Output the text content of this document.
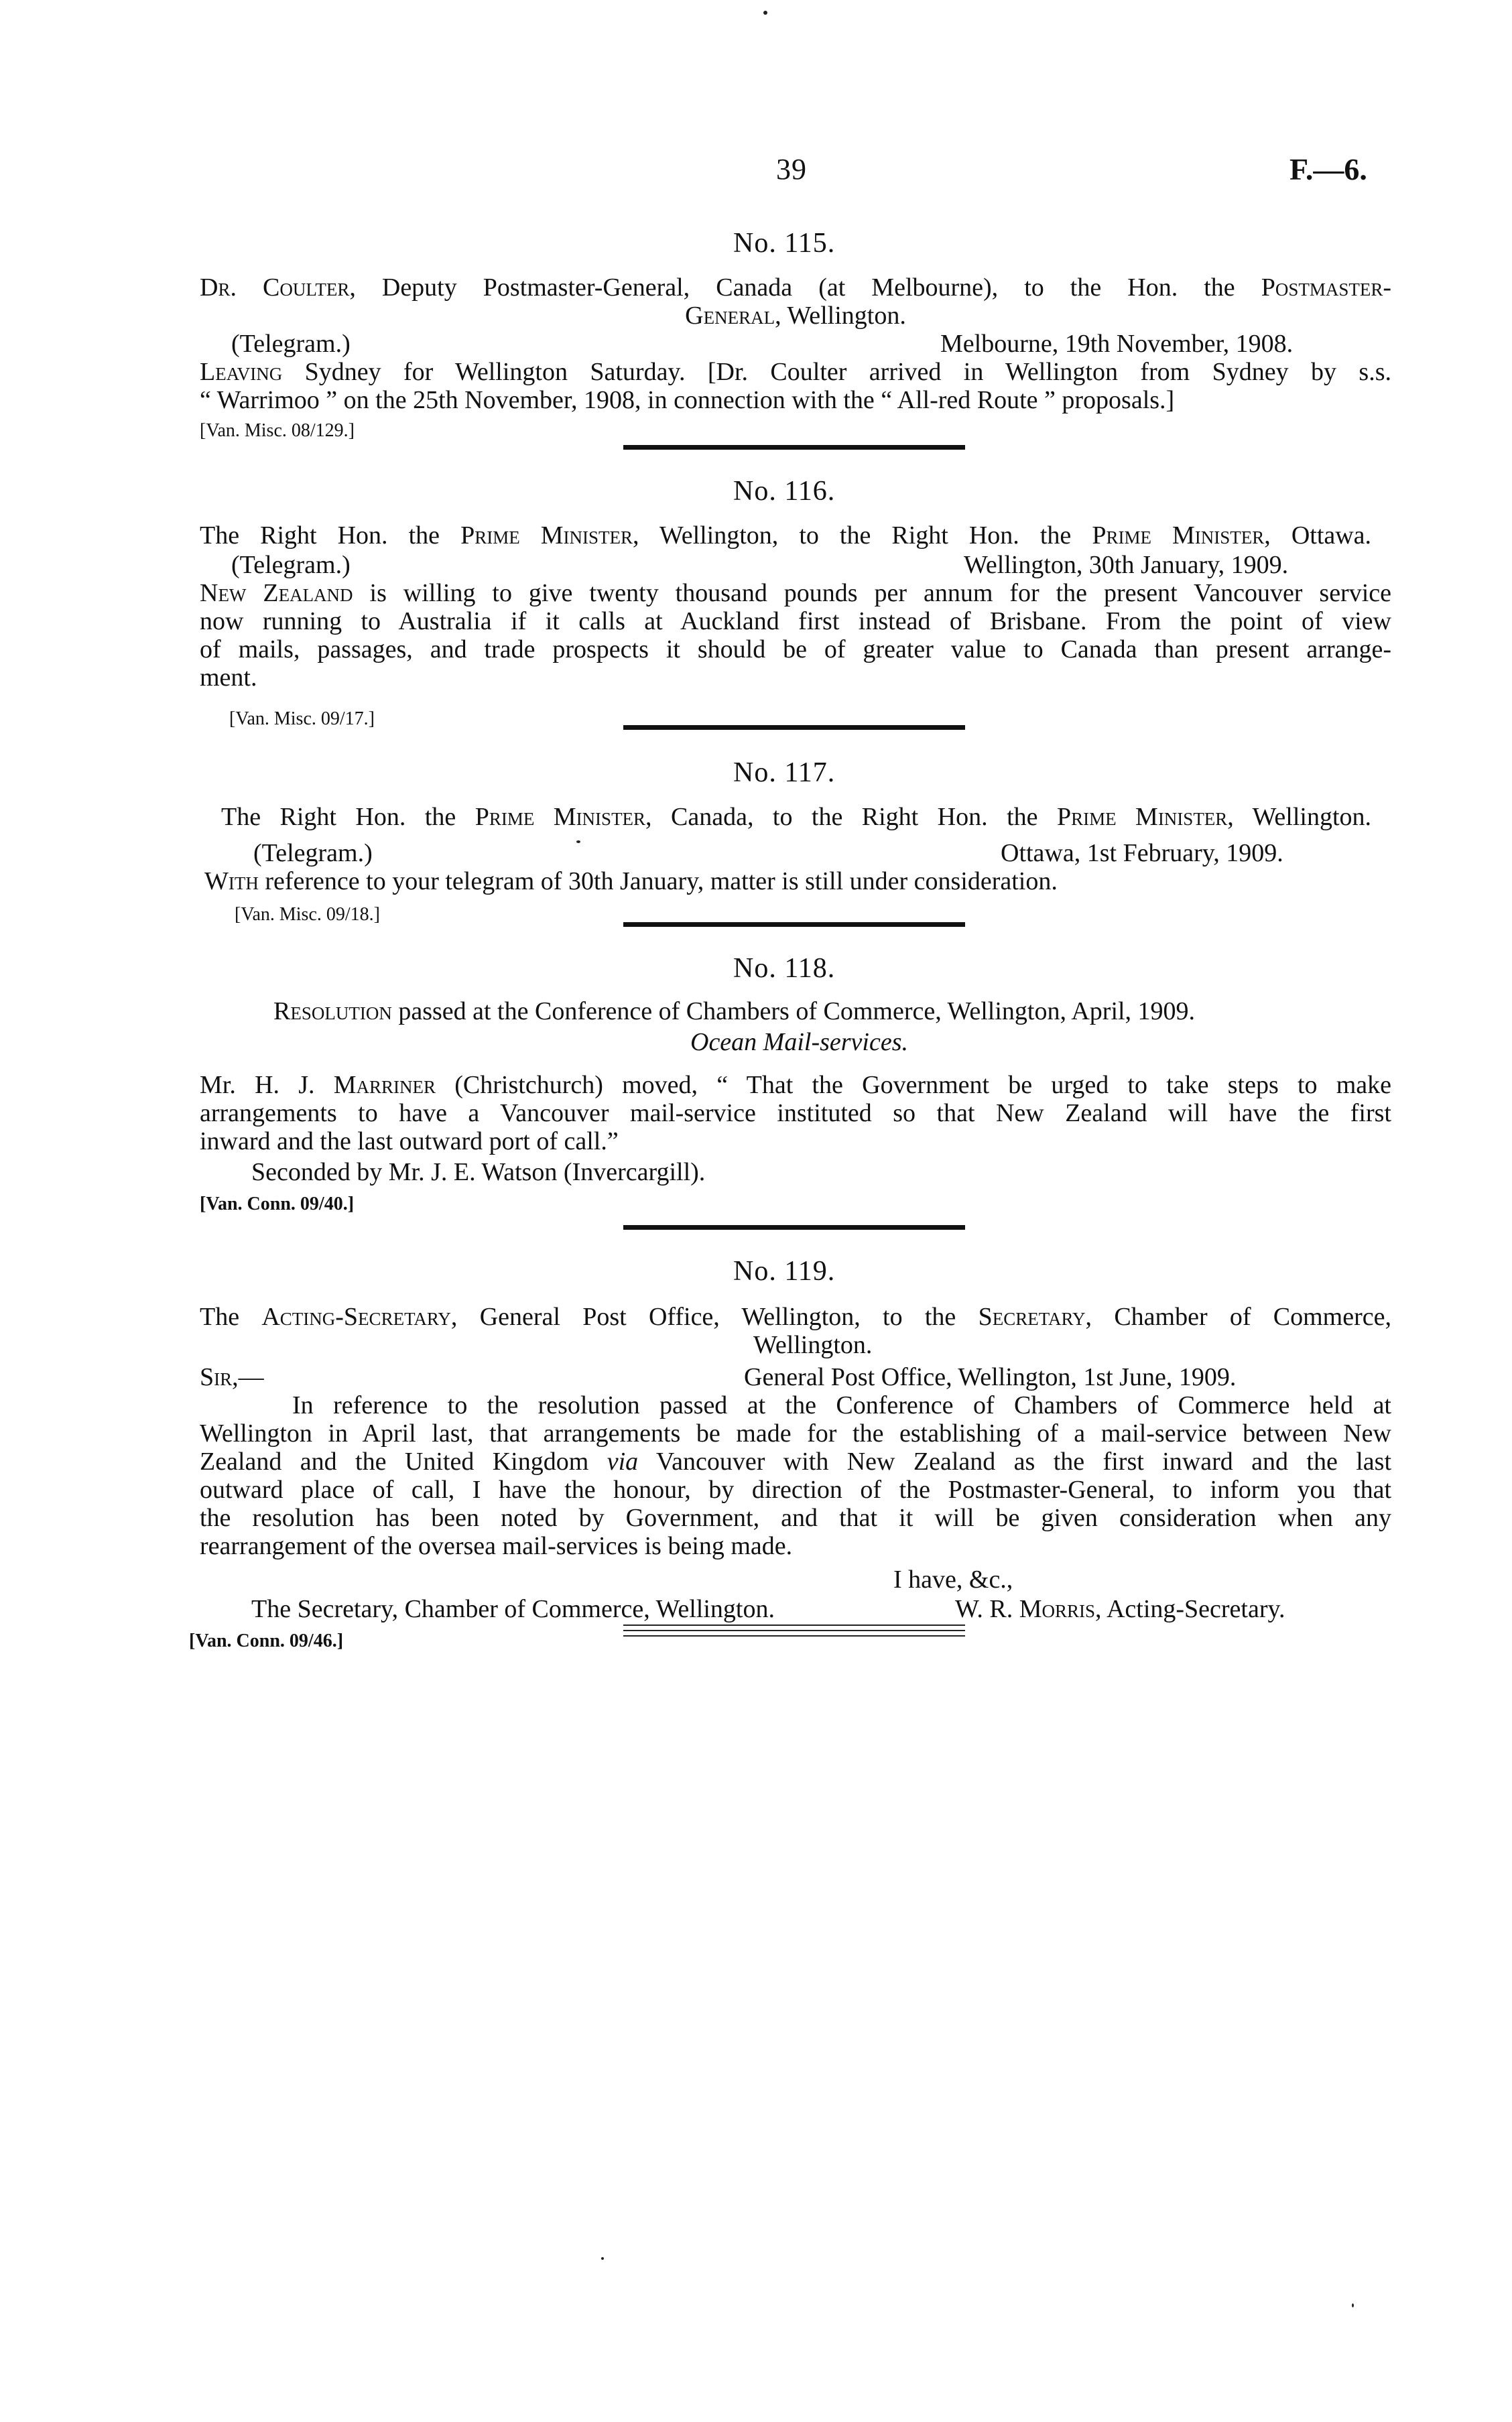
39	F.—6.
No. 115.
Dr. Coulter, Deputy Postmaster-General, Canada (at Melbourne), to the Hon. the Postmaster-
General, Wellington.
(Telegram.)	Melbourne, 19th November, 1908.
Leaving Sydney for Wellington Saturday. [Dr. Coulter arrived in Wellington from Sydney by s.s.
“ Warrimoo ” on the 25th November, 1908, in connection with the “ All-red Route ” proposals.]
[Van. Misc. 08/129.]
No. 116.
The Right Hon. the Prime Minister, Wellington, to the Right Hon. the Prime Minister, Ottawa.
(Telegram.)	Wellington, 30th January, 1909.
New Zealand is willing to give twenty thousand pounds per annum for the present Vancouver service
now running to Australia if it calls at Auckland first instead of Brisbane. From the point of view
of mails, passages, and trade prospects it should be of greater value to Canada than present arrange-
ment.
[Van. Misc. 09/17.]
No. 117.
The Right Hon. the Prime Minister, Canada, to the Right Hon. the Prime Minister, Wellington.
(Telegram.)	Ottawa, 1st February, 1909.
With reference to your telegram of 30th January, matter is still under consideration.
[Van. Misc. 09/18.]
No. 118.
Resolution passed at the Conference of Chambers of Commerce, Wellington, April, 1909.
Ocean Mail-services.
Mr. H. J. Marriner (Christchurch) moved, “ That the Government be urged to take steps to make
arrangements to have a Vancouver mail-service instituted so that New Zealand will have the first
inward and the last outward port of call.”
Seconded by Mr. J. E. Watson (Invercargill).
[Van. Conn. 09/40.]
No. 119.
The Acting-Secretary, General Post Office, Wellington, to the Secretary, Chamber of Commerce,
Wellington.
Sir,—	General Post Office, Wellington, 1st June, 1909.
In reference to the resolution passed at the Conference of Chambers of Commerce held at
Wellington in April last, that arrangements be made for the establishing of a mail-service between New
Zealand and the United Kingdom via Vancouver with New Zealand as the first inward and the last
outward place of call, I have the honour, by direction of the Postmaster-General, to inform you that
the resolution has been noted by Government, and that it will be given consideration when any
rearrangement of the oversea mail-services is being made.
I have, &c.,
The Secretary, Chamber of Commerce, Wellington.	W. R. Morris, Acting-Secretary.
[Van. Conn. 09/46.]
